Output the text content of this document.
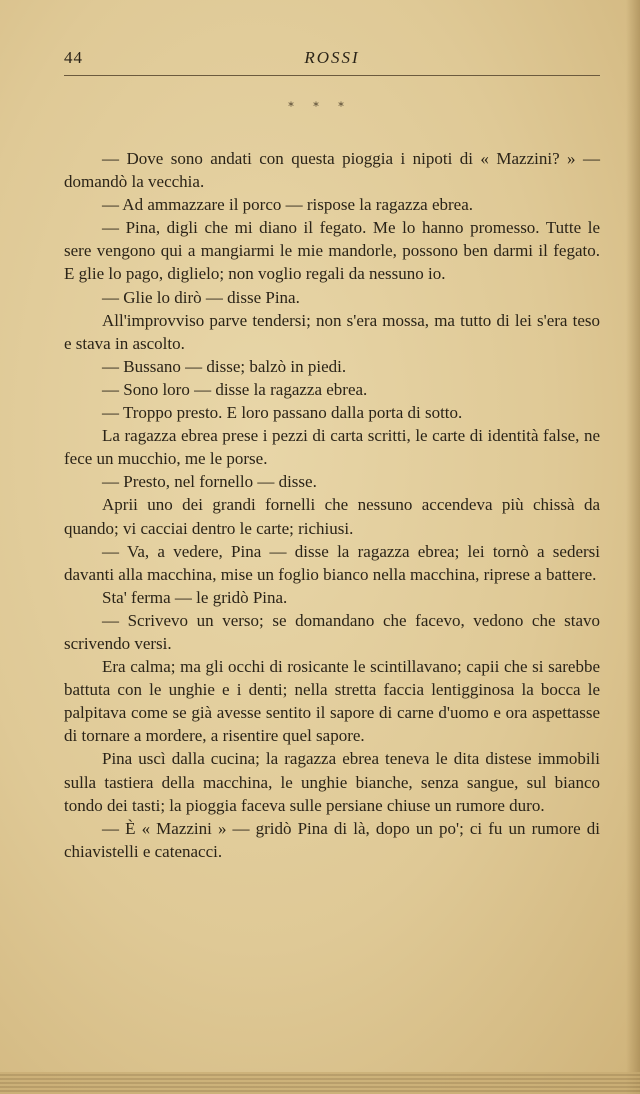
44	ROSSI
* * *

— Dove sono andati con questa pioggia i nipoti di « Mazzini? » — domandò la vecchia.

— Ad ammazzare il porco — rispose la ragazza ebrea.

— Pina, digli che mi diano il fegato. Me lo hanno promesso. Tutte le sere vengono qui a mangiarmi le mie mandorle, possono ben darmi il fegato. E glie lo pago, diglielo; non voglio regali da nessuno io.

— Glie lo dirò — disse Pina.

All'improvviso parve tendersi; non s'era mossa, ma tutto di lei s'era teso e stava in ascolto.

— Bussano — disse; balzò in piedi.

— Sono loro — disse la ragazza ebrea.

— Troppo presto. E loro passano dalla porta di sotto.

La ragazza ebrea prese i pezzi di carta scritti, le carte di identità false, ne fece un mucchio, me le porse.

— Presto, nel fornello — disse.

Aprii uno dei grandi fornelli che nessuno accendeva più chissà da quando; vi cacciai dentro le carte; richiusi.

— Va, a vedere, Pina — disse la ragazza ebrea; lei tornò a sedersi davanti alla macchina, mise un foglio bianco nella macchina, riprese a battere.

Sta' ferma — le gridò Pina.

— Scrivevo un verso; se domandano che facevo, vedono che stavo scrivendo versi.

Era calma; ma gli occhi di rosicante le scintillavano; capii che si sarebbe battuta con le unghie e i denti; nella stretta faccia lentigginosa la bocca le palpitava come se già avesse sentito il sapore di carne d'uomo e ora aspettasse di tornare a mordere, a risentire quel sapore.

Pina uscì dalla cucina; la ragazza ebrea teneva le dita distese immobili sulla tastiera della macchina, le unghie bianche, senza sangue, sul bianco tondo dei tasti; la pioggia faceva sulle persiane chiuse un rumore duro.

— È « Mazzini » — gridò Pina di là, dopo un po'; ci fu un rumore di chiavistelli e catenacci.
